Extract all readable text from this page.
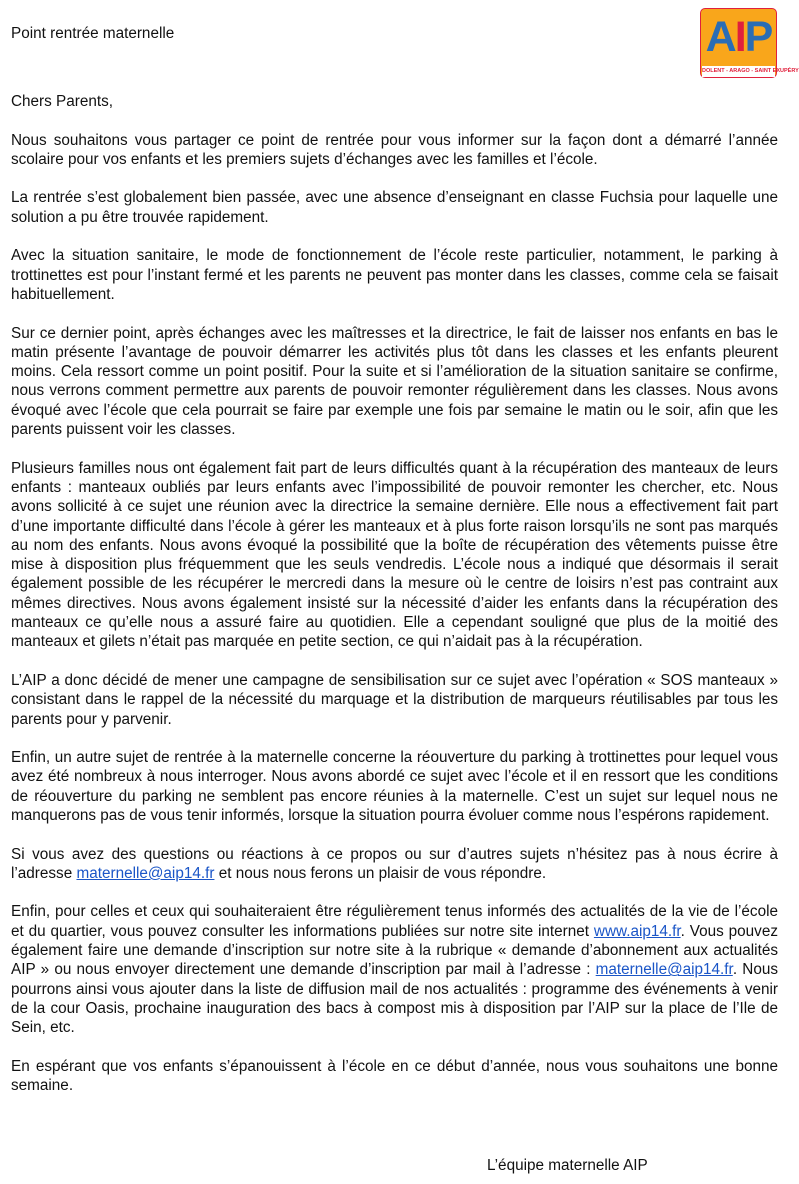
Point rentrée maternelle	AIP
DOLENT - ARAGO - SAINT EXUPÉRY

Chers Parents,

Nous souhaitons vous partager ce point de rentrée pour vous informer sur la façon dont a démarré l’année scolaire pour vos enfants et les premiers sujets d’échanges avec les familles et l’école.

La rentrée s’est globalement bien passée, avec une absence d’enseignant en classe Fuchsia pour laquelle une solution a pu être trouvée rapidement.

Avec la situation sanitaire, le mode de fonctionnement de l’école reste particulier, notamment, le parking à trottinettes est pour l’instant fermé et les parents ne peuvent pas monter dans les classes, comme cela se faisait habituellement.

Sur ce dernier point, après échanges avec les maîtresses et la directrice, le fait de laisser nos enfants en bas le matin présente l’avantage de pouvoir démarrer les activités plus tôt dans les classes et les enfants pleurent moins. Cela ressort comme un point positif. Pour la suite et si l’amélioration de la situation sanitaire se confirme, nous verrons comment permettre aux parents de pouvoir remonter régulièrement dans les classes. Nous avons évoqué avec l’école que cela pourrait se faire par exemple une fois par semaine le matin ou le soir, afin que les parents puissent voir les classes.

Plusieurs familles nous ont également fait part de leurs difficultés quant à la récupération des manteaux de leurs enfants : manteaux oubliés par leurs enfants avec l’impossibilité de pouvoir remonter les chercher, etc. Nous avons sollicité à ce sujet une réunion avec la directrice la semaine dernière. Elle nous a effectivement fait part d’une importante difficulté dans l’école à gérer les manteaux et à plus forte raison lorsqu’ils ne sont pas marqués au nom des enfants. Nous avons évoqué la possibilité que la boîte de récupération des vêtements puisse être mise à disposition plus fréquemment que les seuls vendredis. L’école nous a indiqué que désormais il serait également possible de les récupérer le mercredi dans la mesure où le centre de loisirs n’est pas contraint aux mêmes directives. Nous avons également insisté sur la nécessité d’aider les enfants dans la récupération des manteaux ce qu’elle nous a assuré faire au quotidien. Elle a cependant souligné que plus de la moitié des manteaux et gilets n’était pas marquée en petite section, ce qui n’aidait pas à la récupération.

L’AIP a donc décidé de mener une campagne de sensibilisation sur ce sujet avec l’opération « SOS manteaux » consistant dans le rappel de la nécessité du marquage et la distribution de marqueurs réutilisables par tous les parents pour y parvenir.

Enfin, un autre sujet de rentrée à la maternelle concerne la réouverture du parking à trottinettes pour lequel vous avez été nombreux à nous interroger. Nous avons abordé ce sujet avec l’école et il en ressort que les conditions de réouverture du parking ne semblent pas encore réunies à la maternelle. C’est un sujet sur lequel nous ne manquerons pas de vous tenir informés, lorsque la situation pourra évoluer comme nous l’espérons rapidement.

Si vous avez des questions ou réactions à ce propos ou sur d’autres sujets n’hésitez pas à nous écrire à l’adresse maternelle@aip14.fr et nous nous ferons un plaisir de vous répondre.

Enfin, pour celles et ceux qui souhaiteraient être régulièrement tenus informés des actualités de la vie de l’école et du quartier, vous pouvez consulter les informations publiées sur notre site internet www.aip14.fr. Vous pouvez également faire une demande d’inscription sur notre site à la rubrique « demande d’abonnement aux actualités AIP » ou nous envoyer directement une demande d’inscription par mail à l’adresse : maternelle@aip14.fr. Nous pourrons ainsi vous ajouter dans la liste de diffusion mail de nos actualités : programme des événements à venir de la cour Oasis, prochaine inauguration des bacs à compost mis à disposition par l’AIP sur la place de l’Ile de Sein, etc.

En espérant que vos enfants s’épanouissent à l’école en ce début d’année, nous vous souhaitons une bonne semaine.

L’équipe maternelle AIP
